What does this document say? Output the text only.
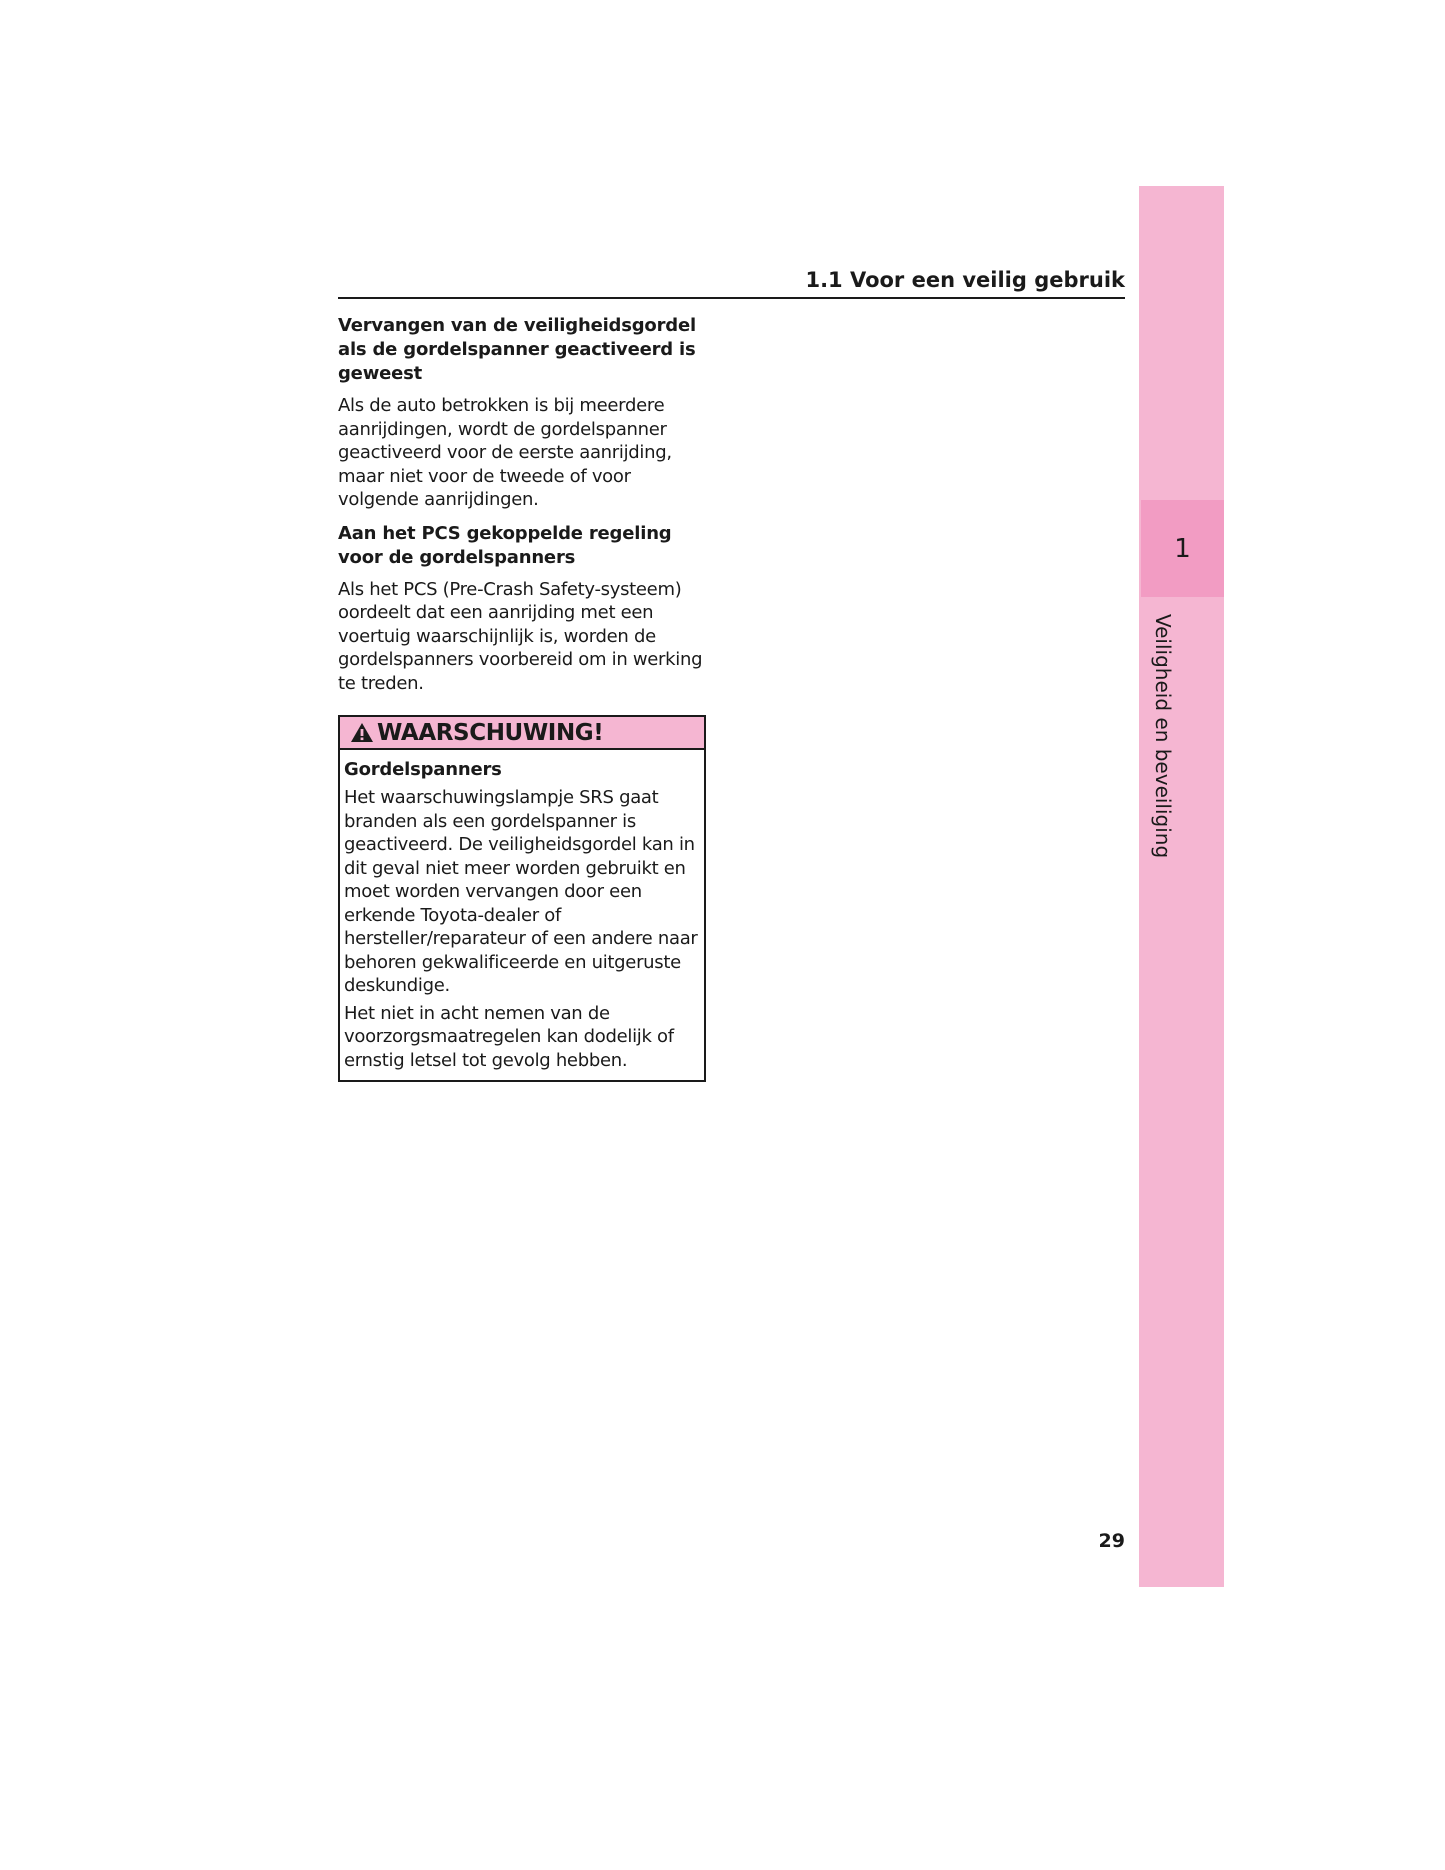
1
Veiligheid en beveiliging
1.1 Voor een veilig gebruik
Vervangen van de veiligheidsgordel als de gordelspanner geactiveerd is geweest

Als de auto betrokken is bij meerdere aanrijdingen, wordt de gordelspanner geactiveerd voor de eerste aanrijding, maar niet voor de tweede of voor volgende aanrijdingen.

Aan het PCS gekoppelde regeling voor de gordelspanners

Als het PCS (Pre-Crash Safety-systeem) oordeelt dat een aanrijding met een voertuig waarschijnlijk is, worden de gordelspanners voorbereid om in werking te treden.

WAARSCHUWING!

Gordelspanners

Het waarschuwingslampje SRS gaat branden als een gordelspanner is geactiveerd. De veiligheidsgordel kan in dit geval niet meer worden gebruikt en moet worden vervangen door een erkende Toyota-dealer of hersteller/reparateur of een andere naar behoren gekwalificeerde en uitgeruste deskundige.

Het niet in acht nemen van de voorzorgsmaatregelen kan dodelijk of ernstig letsel tot gevolg hebben.

29
